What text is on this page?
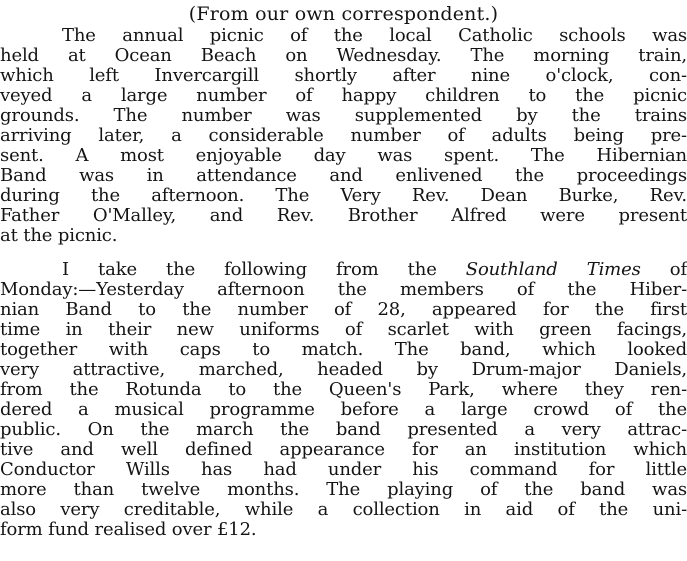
(From our own correspondent.)
The annual picnic of the local Catholic schools was
held at Ocean Beach on Wednesday. The morning train,
which left Invercargill shortly after nine o'clock, con-
veyed a large number of happy children to the picnic
grounds. The number was supplemented by the trains
arriving later, a considerable number of adults being pre-
sent. A most enjoyable day was spent. The Hibernian
Band was in attendance and enlivened the proceedings
during the afternoon. The Very Rev. Dean Burke, Rev.
Father O'Malley, and Rev. Brother Alfred were present
at the picnic.
I take the following from the Southland Times of
Monday:—Yesterday afternoon the members of the Hiber-
nian Band to the number of 28, appeared for the first
time in their new uniforms of scarlet with green facings,
together with caps to match. The band, which looked
very attractive, marched, headed by Drum-major Daniels,
from the Rotunda to the Queen's Park, where they ren-
dered a musical programme before a large crowd of the
public. On the march the band presented a very attrac-
tive and well defined appearance for an institution which
Conductor Wills has had under his command for little
more than twelve months. The playing of the band was
also very creditable, while a collection in aid of the uni-
form fund realised over £12.
